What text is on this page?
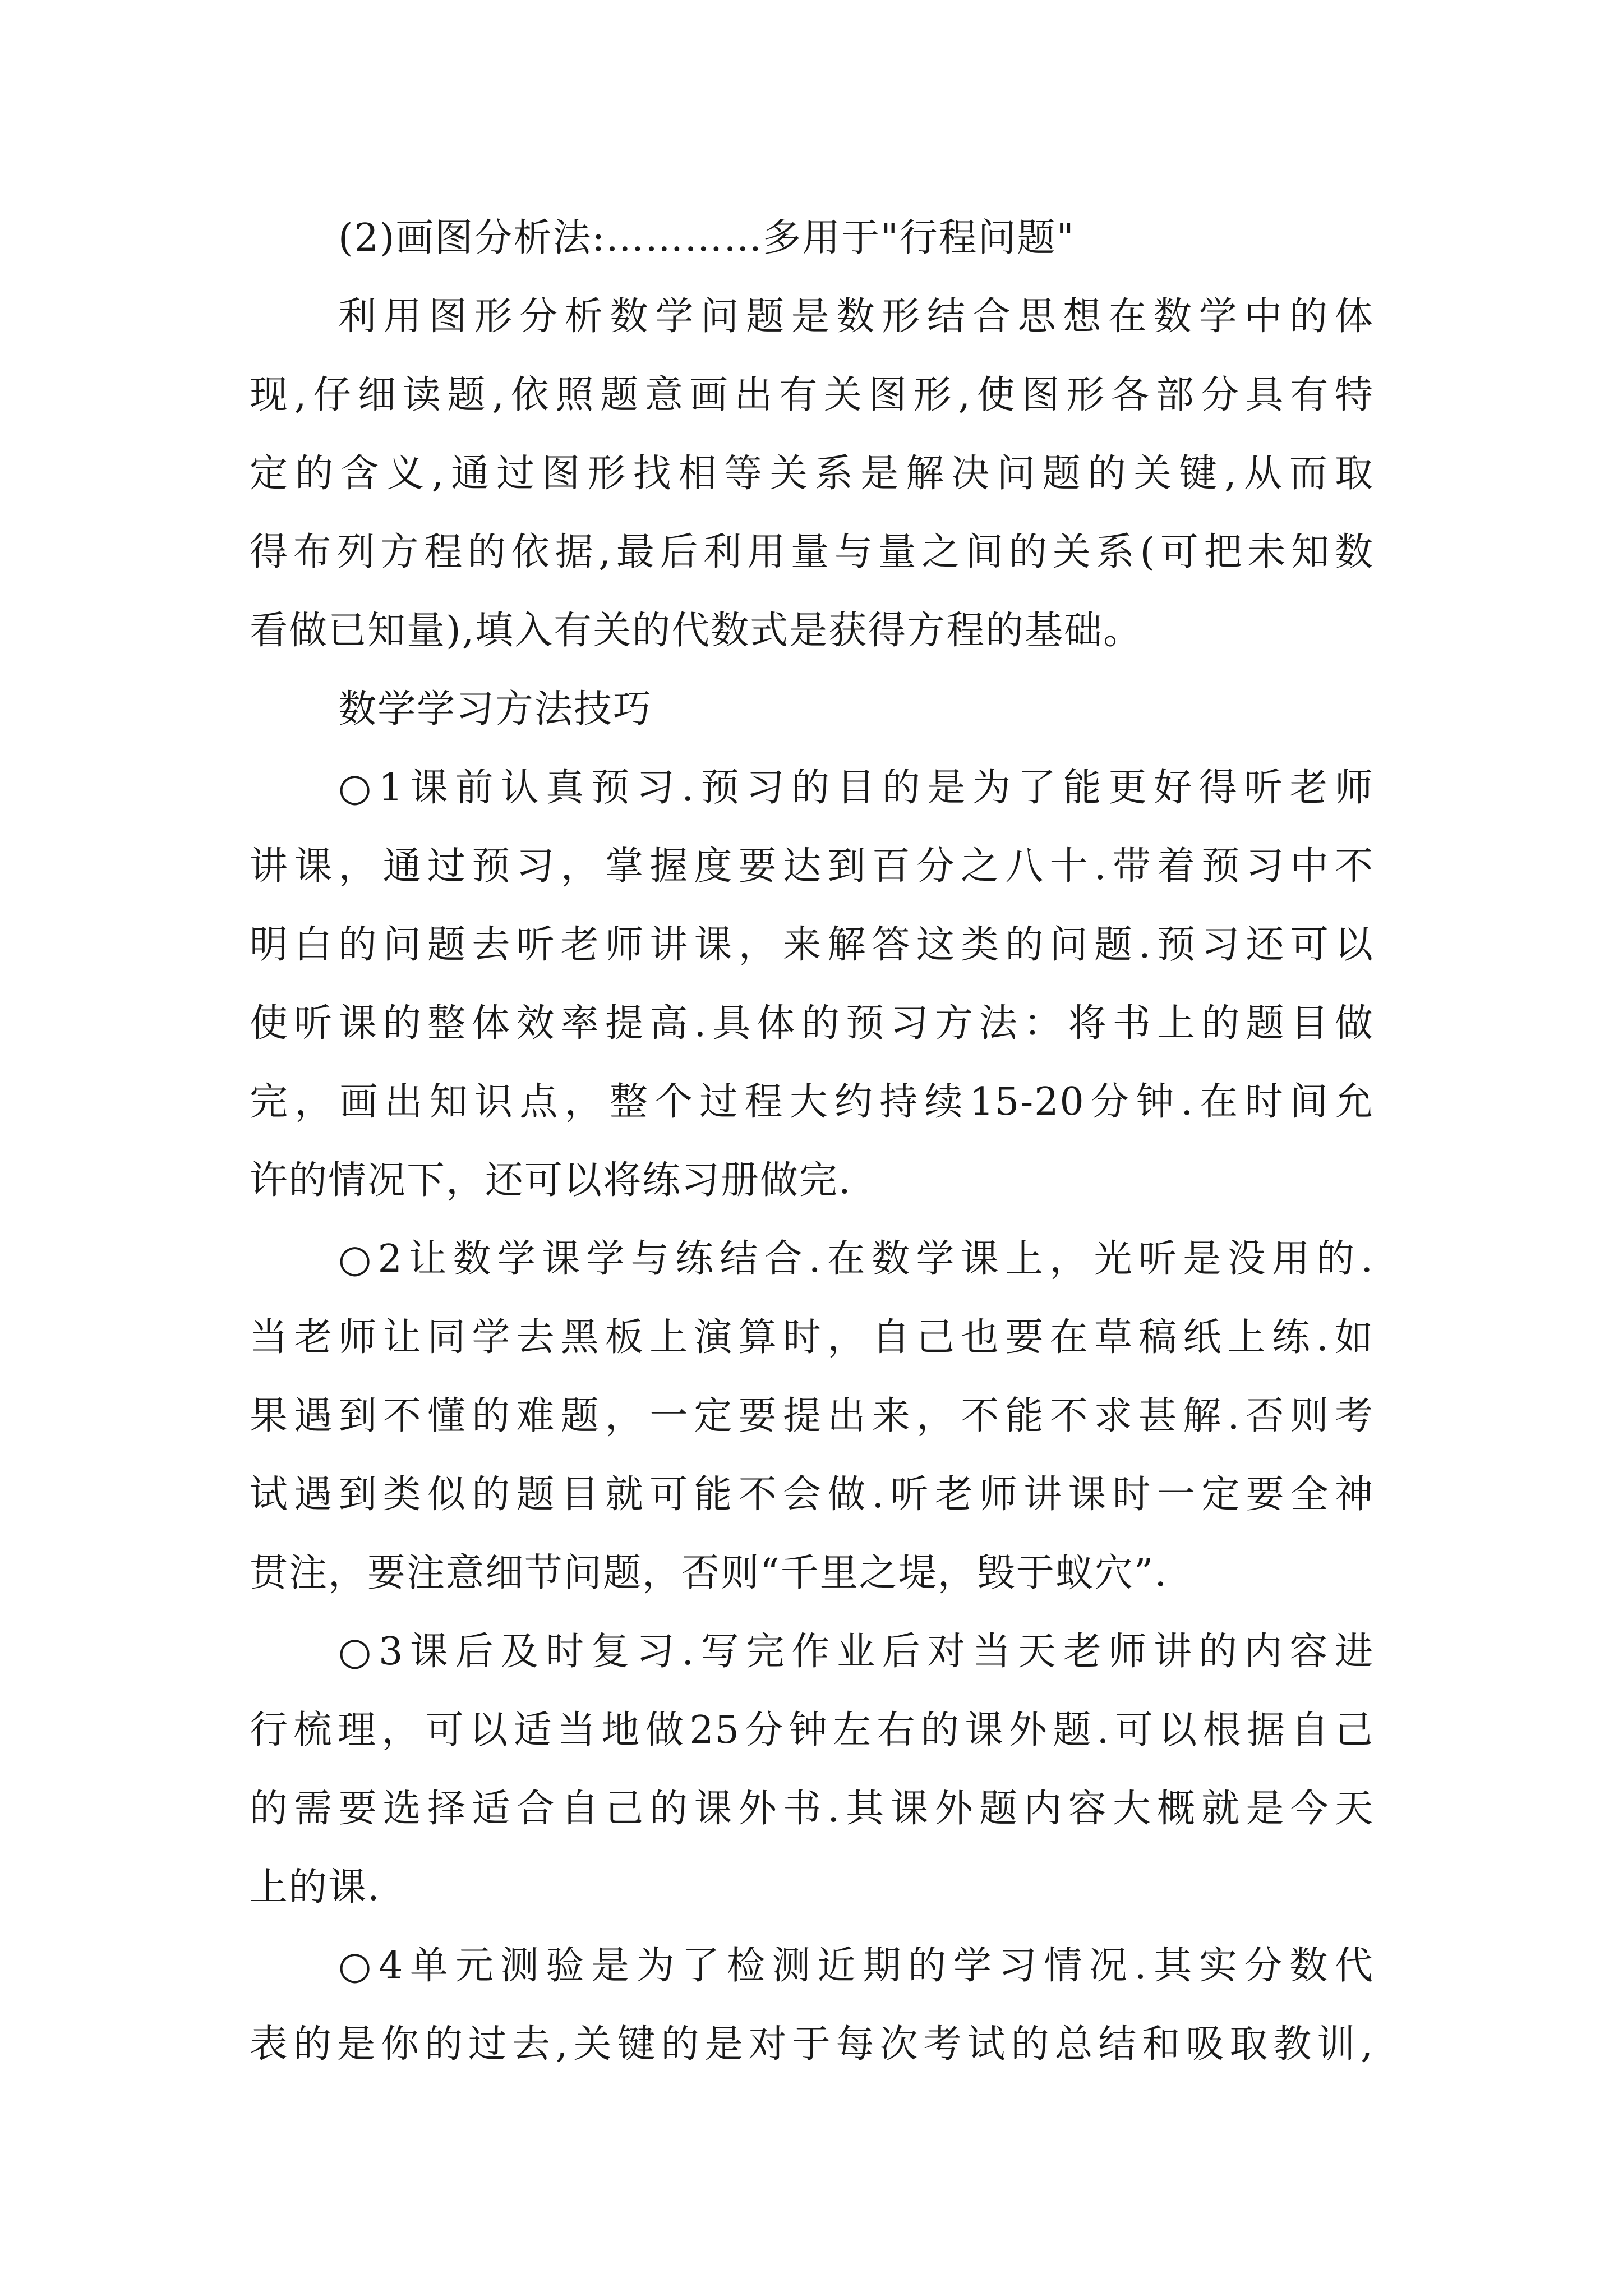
(2)画图分析法:…………多用于"行程问题"
利用图形分析数学问题是数形结合思想在数学中的体
现,仔细读题,依照题意画出有关图形,使图形各部分具有特
定的含义,通过图形找相等关系是解决问题的关键,从而取
得布列方程的依据,最后利用量与量之间的关系(可把未知数
看做已知量),填入有关的代数式是获得方程的基础。
数学学习方法技巧
○1课前认真预习.预习的目的是为了能更好得听老师
讲课，通过预习，掌握度要达到百分之八十.带着预习中不
明白的问题去听老师讲课，来解答这类的问题.预习还可以
使听课的整体效率提高.具体的预习方法：将书上的题目做
完，画出知识点，整个过程大约持续15-20分钟.在时间允
许的情况下，还可以将练习册做完.
○2让数学课学与练结合.在数学课上，光听是没用的.
当老师让同学去黑板上演算时，自己也要在草稿纸上练.如
果遇到不懂的难题，一定要提出来，不能不求甚解.否则考
试遇到类似的题目就可能不会做.听老师讲课时一定要全神
贯注，要注意细节问题，否则“千里之堤，毁于蚁穴”.
○3课后及时复习.写完作业后对当天老师讲的内容进
行梳理，可以适当地做25分钟左右的课外题.可以根据自己
的需要选择适合自己的课外书.其课外题内容大概就是今天
上的课.
○4单元测验是为了检测近期的学习情况.其实分数代
表的是你的过去,关键的是对于每次考试的总结和吸取教训,
